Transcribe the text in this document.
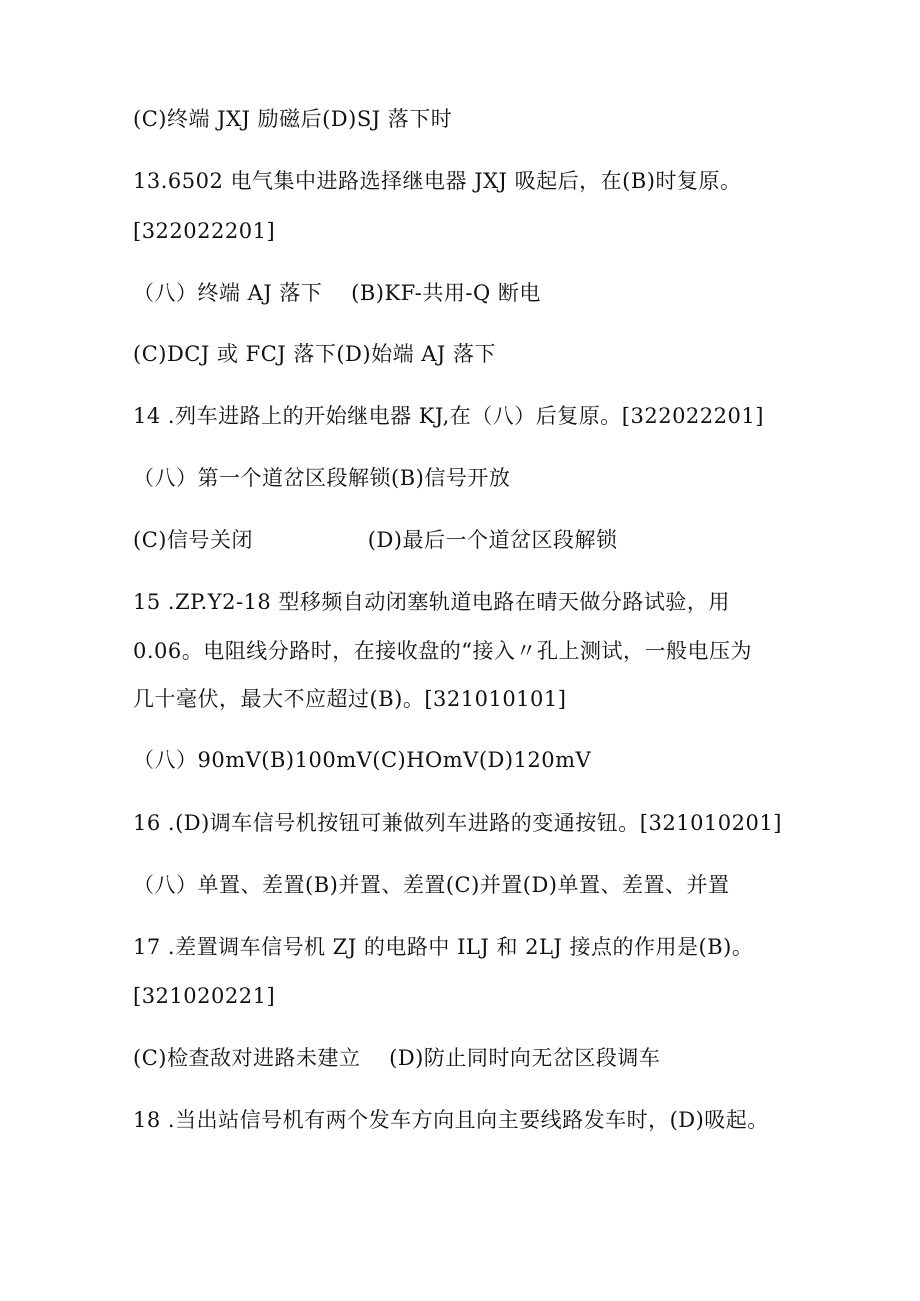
(C)终端 JXJ 励磁后(D)SJ 落下时
13.6502 电气集中进路选择继电器 JXJ 吸起后，在(B)时复原。
[322022201]
（八）终端 AJ 落下    (B)KF-共用-Q 断电
(C)DCJ 或 FCJ 落下(D)始端 AJ 落下
14 .列车进路上的开始继电器 KJ,在（八）后复原。[322022201]
（八）第一个道岔区段解锁(B)信号开放
(C)信号关闭                (D)最后一个道岔区段解锁
15 .ZP.Y2-18 型移频自动闭塞轨道电路在晴天做分路试验，用
0.06。电阻线分路时，在接收盘的“接入〃孔上测试，一般电压为
几十毫伏，最大不应超过(B)。[321010101]
（八）90mV(B)100mV(C)HOmV(D)120mV
16 .(D)调车信号机按钮可兼做列车进路的变通按钮。[321010201]
（八）单置、差置(B)并置、差置(C)并置(D)单置、差置、并置
17 .差置调车信号机 ZJ 的电路中 ILJ 和 2LJ 接点的作用是(B)。
[321020221]
(C)检查敌对进路未建立    (D)防止同时向无岔区段调车
18 .当出站信号机有两个发车方向且向主要线路发车时，(D)吸起。
